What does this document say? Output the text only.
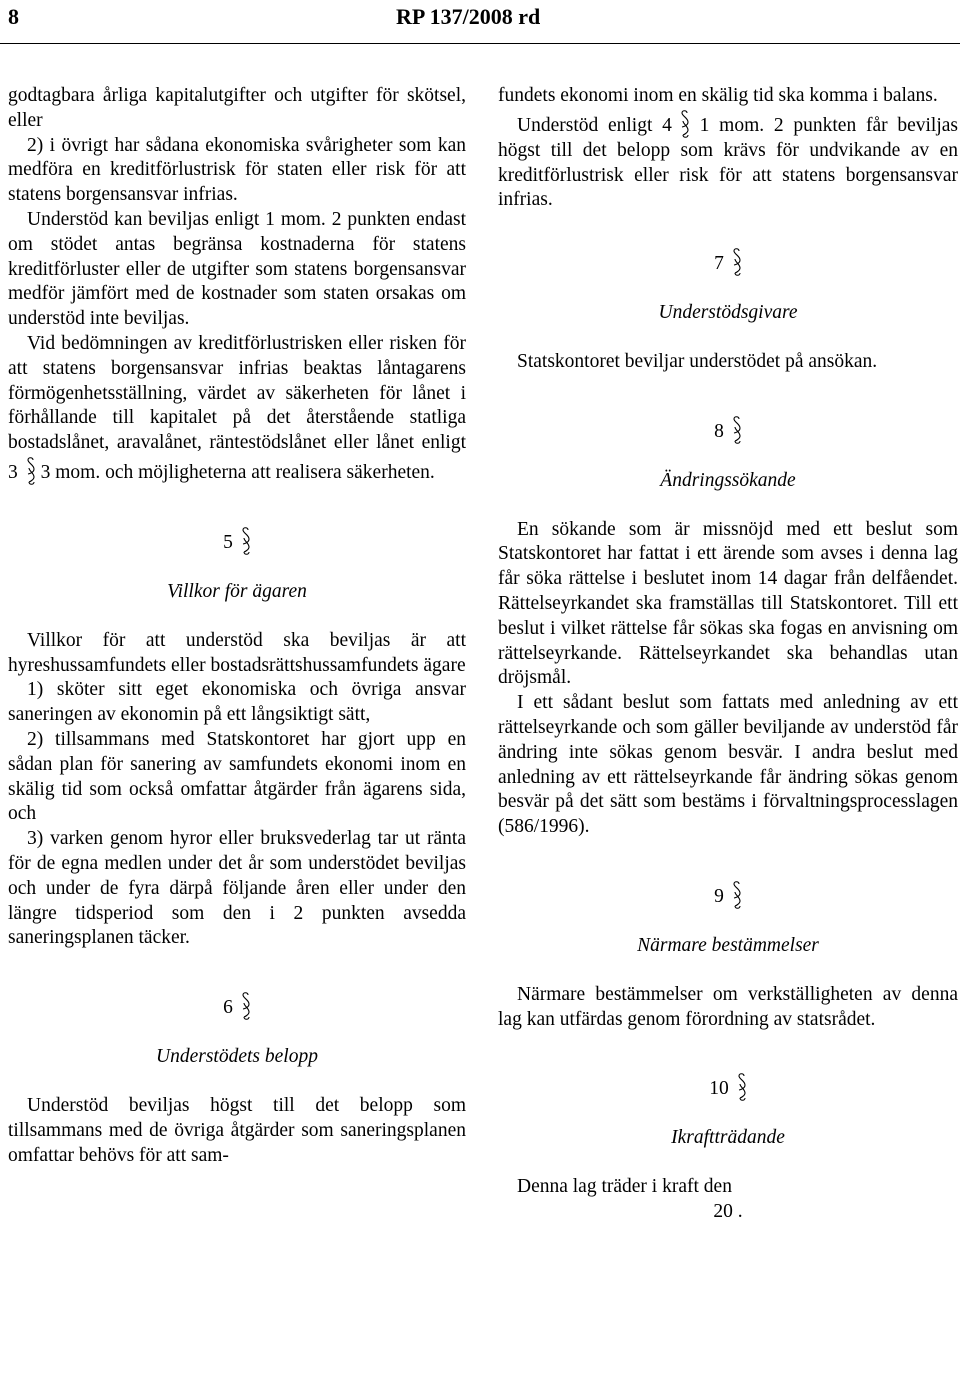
8	RP 137/2008 rd

godtagbara årliga kapitalutgifter och utgifter för skötsel, eller

2) i övrigt har sådana ekonomiska svårigheter som kan medföra en kreditförlustrisk för staten eller risk för att statens borgensansvar infrias.

Understöd kan beviljas enligt 1 mom. 2 punkten endast om stödet antas begränsa kostnaderna för statens kreditförluster eller de utgifter som statens borgensansvar medför jämfört med de kostnader som staten orsakas om understöd inte beviljas.

Vid bedömningen av kreditförlustrisken eller risken för att statens borgensansvar infrias beaktas låntagarens förmögenhetsställning, värdet av säkerheten för lånet i förhållande till kapitalet på det återstående statliga bostadslånet, aravalånet, räntestödslånet eller lånet enligt 3 3 mom. och möjligheterna att realisera säkerheten.

5
Villkor för ägaren

Villkor för att understöd ska beviljas är att hyreshussamfundets eller bostadsrättshussamfundets ägare

1) sköter sitt eget ekonomiska och övriga ansvar saneringen av ekonomin på ett långsiktigt sätt,

2) tillsammans med Statskontoret har gjort upp en sådan plan för sanering av samfundets ekonomi inom en skälig tid som också omfattar åtgärder från ägarens sida, och

3) varken genom hyror eller bruksvederlag tar ut ränta för de egna medlen under det år som understödet beviljas och under de fyra därpå följande åren eller under den längre tidsperiod som den i 2 punkten avsedda saneringsplanen täcker.

6
Understödets belopp

Understöd beviljas högst till det belopp som tillsammans med de övriga åtgärder som saneringsplanen omfattar behövs för att sam-

fundets ekonomi inom en skälig tid ska komma i balans.

Understöd enligt 4 1 mom. 2 punkten får beviljas högst till det belopp som krävs för undvikande av en kreditförlustrisk eller risk för att statens borgensansvar infrias.

7
Understödsgivare

Statskontoret beviljar understödet på ansökan.

8
Ändringssökande

En sökande som är missnöjd med ett beslut som Statskontoret har fattat i ett ärende som avses i denna lag får söka rättelse i beslutet inom 14 dagar från delfåendet. Rättelseyrkandet ska framställas till Statskontoret. Till ett beslut i vilket rättelse får sökas ska fogas en anvisning om rättelseyrkande. Rättelseyrkandet ska behandlas utan dröjsmål.

I ett sådant beslut som fattats med anledning av ett rättelseyrkande och som gäller beviljande av understöd får ändring inte sökas genom besvär. I andra beslut med anledning av ett rättelseyrkande får ändring sökas genom besvär på det sätt som bestäms i förvaltningsprocesslagen (586/1996).

9
Närmare bestämmelser

Närmare bestämmelser om verkställigheten av denna lag kan utfärdas genom förordning av statsrådet.

10
Ikraftträdande

Denna lag träder i kraft den

20 .
